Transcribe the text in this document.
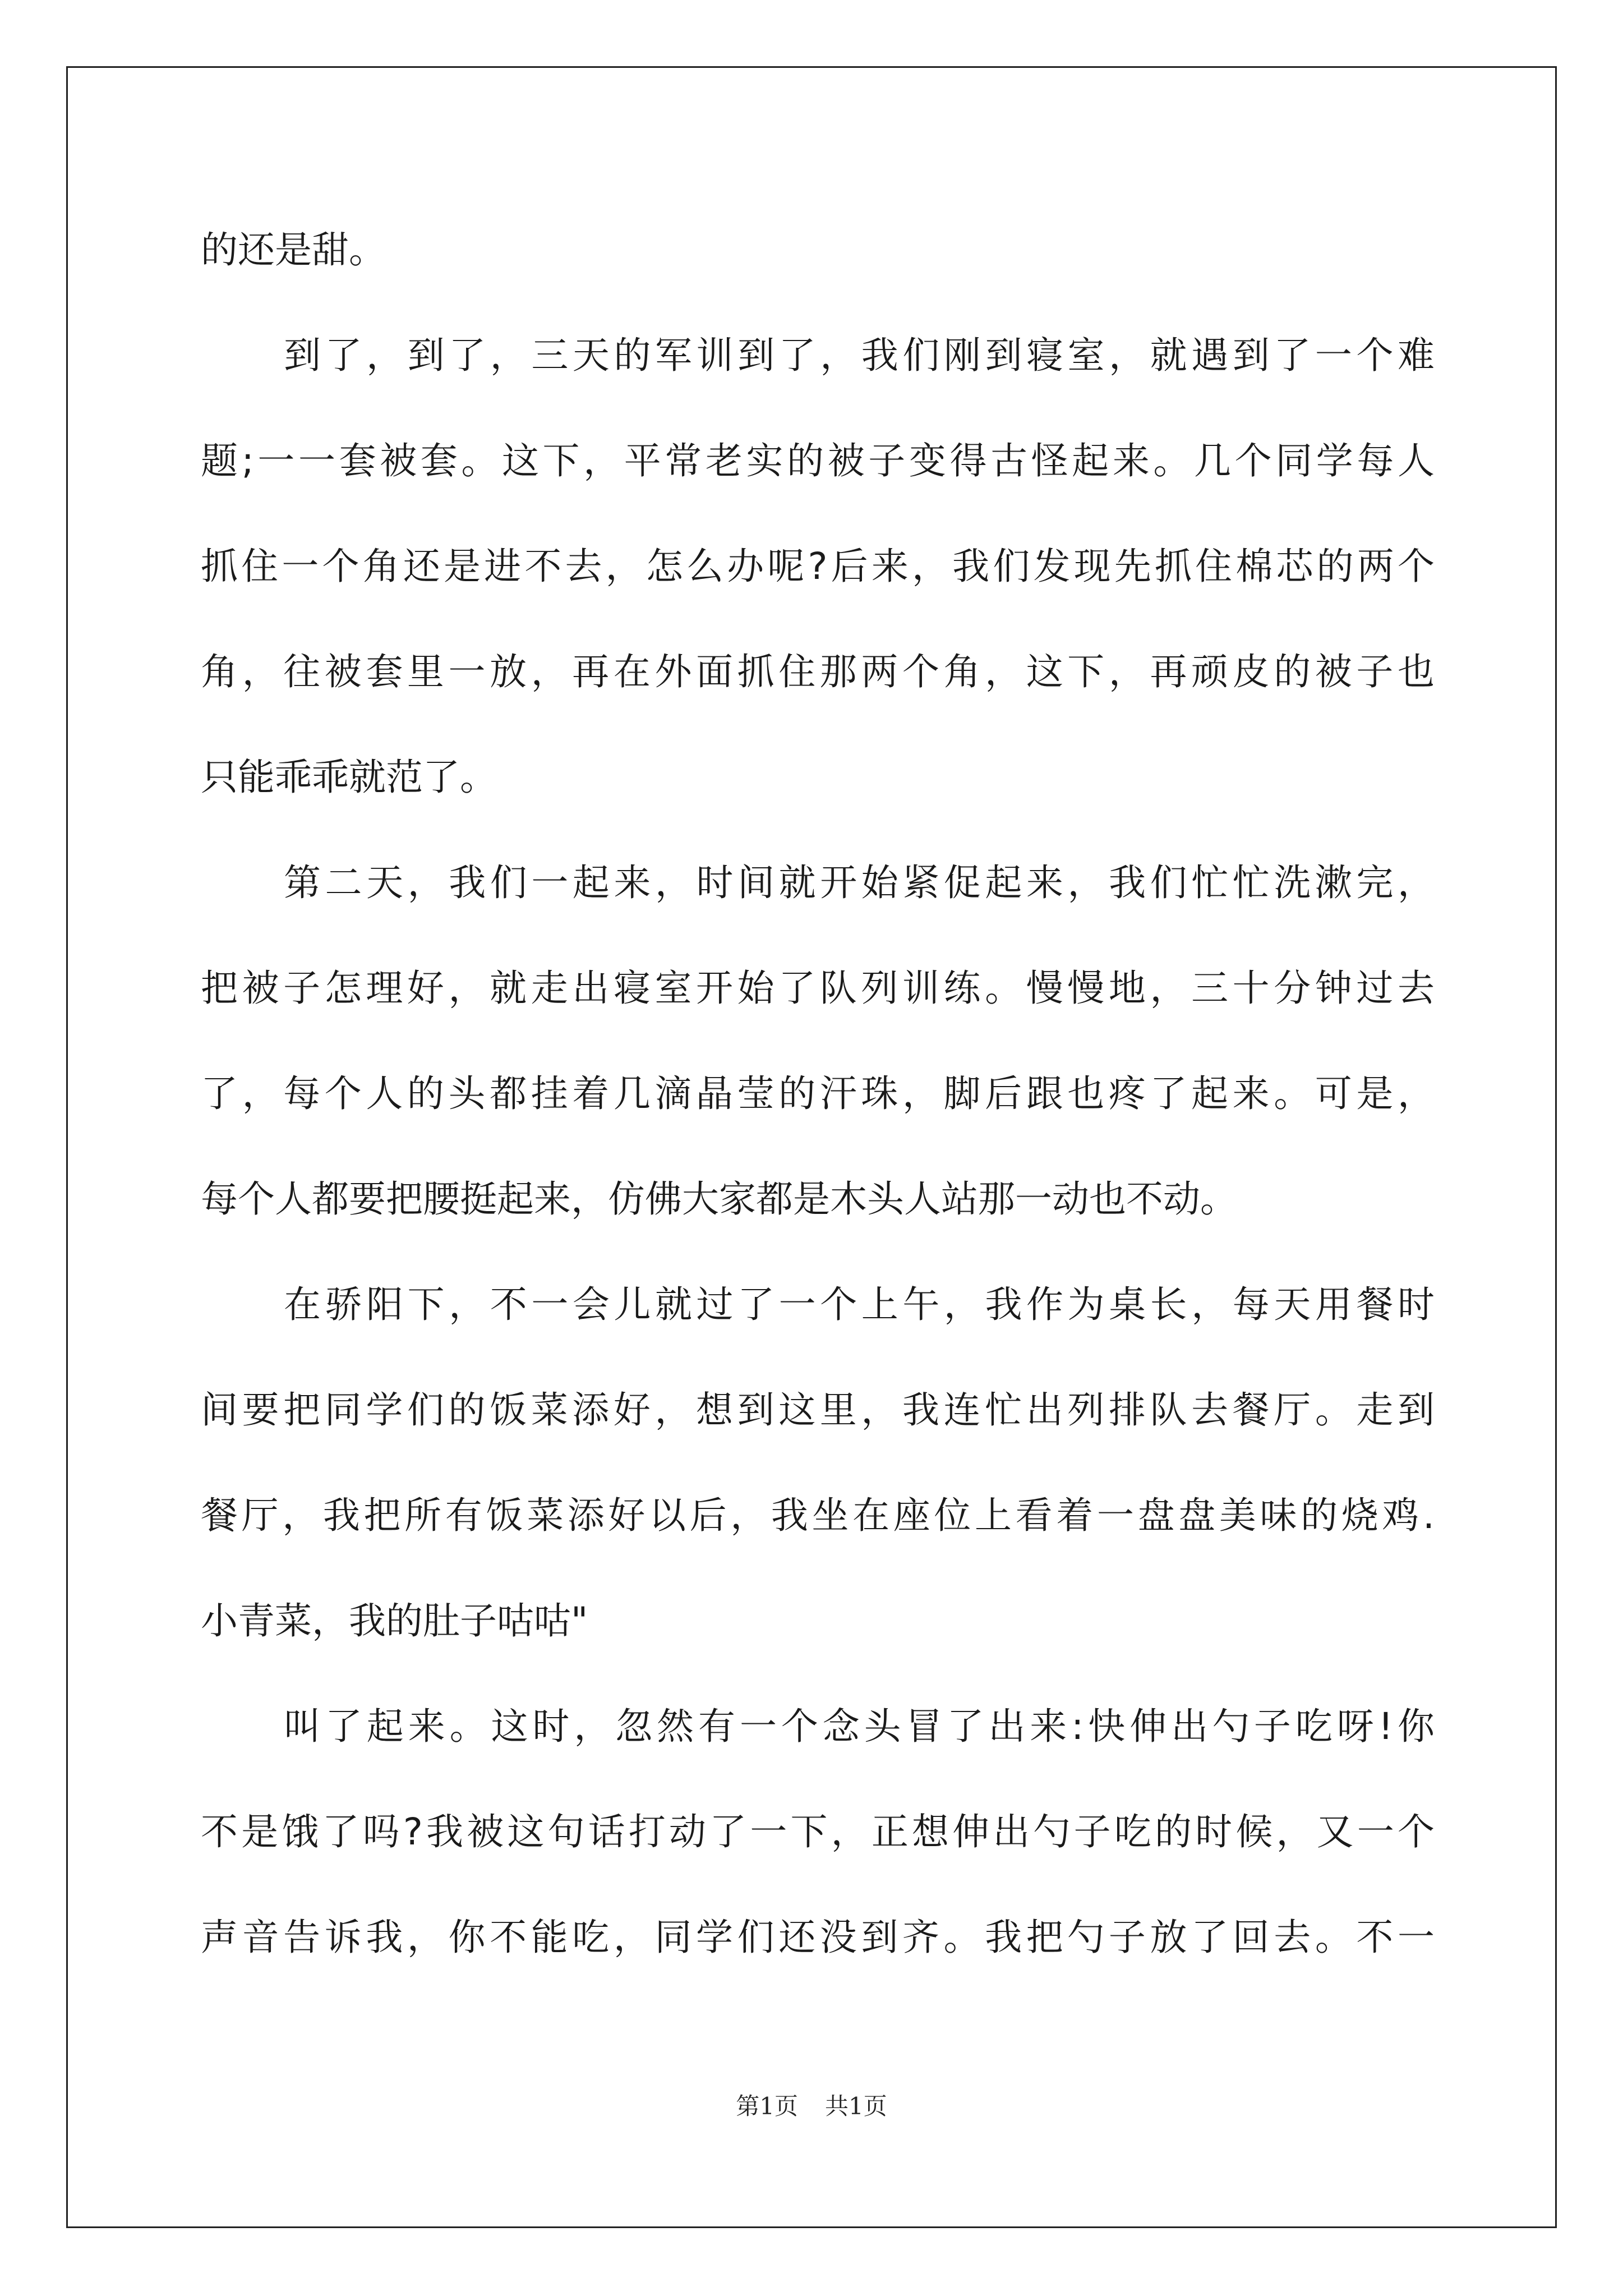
的还是甜。
到了，到了，三天的军训到了，我们刚到寝室，就遇到了一个难
题;一一套被套。这下，平常老实的被子变得古怪起来。几个同学每人
抓住一个角还是进不去，怎么办呢?后来，我们发现先抓住棉芯的两个
角，往被套里一放，再在外面抓住那两个角，这下，再顽皮的被子也
只能乖乖就范了。
第二天，我们一起来，时间就开始紧促起来，我们忙忙洗漱完，
把被子怎理好，就走出寝室开始了队列训练。慢慢地，三十分钟过去
了，每个人的头都挂着几滴晶莹的汗珠，脚后跟也疼了起来。可是，
每个人都要把腰挺起来，仿佛大家都是木头人站那一动也不动。
在骄阳下，不一会儿就过了一个上午，我作为桌长，每天用餐时
间要把同学们的饭菜添好，想到这里，我连忙出列排队去餐厅。走到
餐厅，我把所有饭菜添好以后，我坐在座位上看着一盘盘美味的烧鸡.
小青菜，我的肚子咕咕"
叫了起来。这时，忽然有一个念头冒了出来:快伸出勺子吃呀!你
不是饿了吗?我被这句话打动了一下，正想伸出勺子吃的时候，又一个
声音告诉我，你不能吃，同学们还没到齐。我把勺子放了回去。不一
第1页 共1页
